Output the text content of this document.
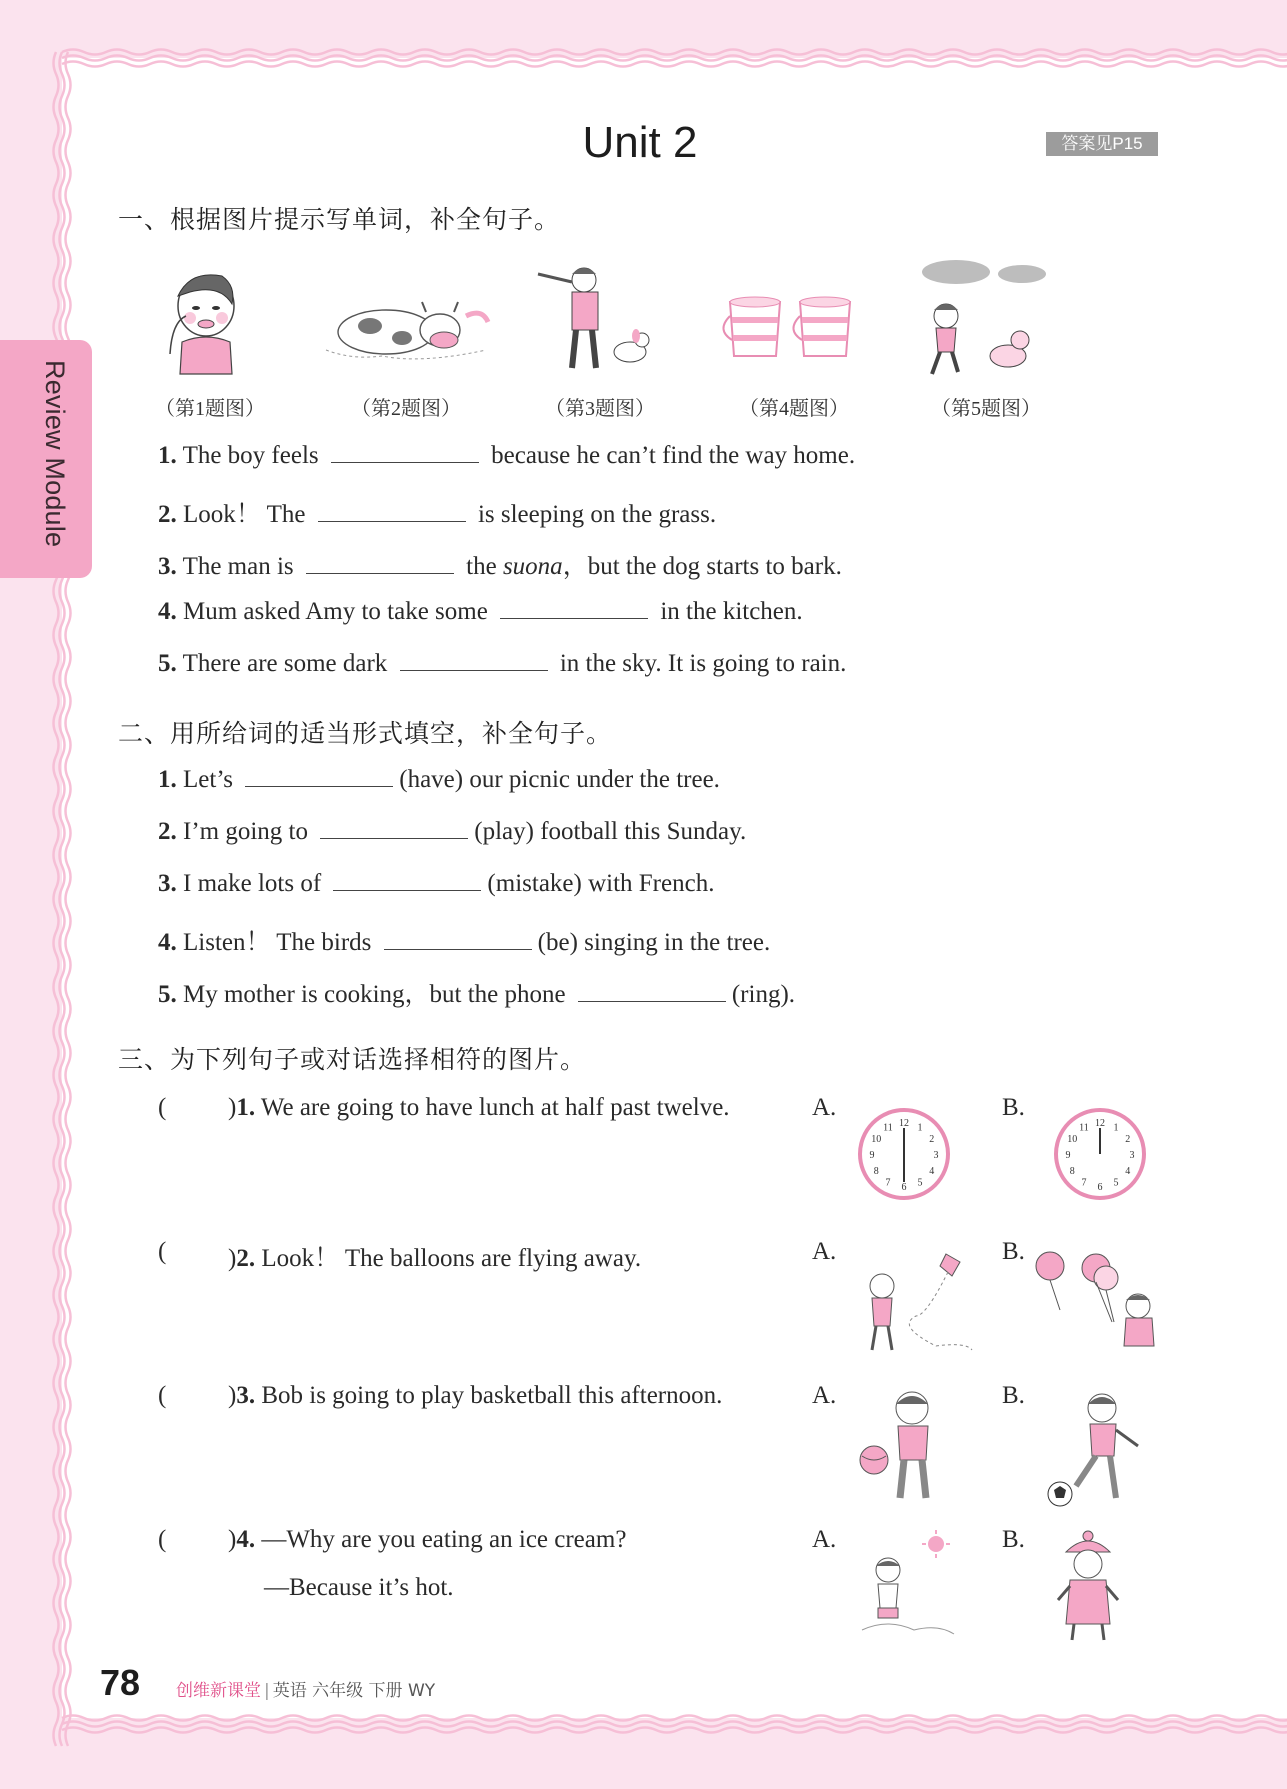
Review Module
Unit 2	答案见P15
一、根据图片提示写单词，补全句子。
（第1题图）	（第2题图）	（第3题图）	（第4题图）	（第5题图）
1. The boy feels	because he can’t find the way home.
2. Look！ The	is sleeping on the grass.
3. The man is	the suona，but the dog starts to bark.
4. Mum asked Amy to take some	in the kitchen.
5. There are some dark	in the sky. It is going to rain.
二、用所给词的适当形式填空，补全句子。
1. Let’s	(have) our picnic under the tree.
2. I’m going to	(play) football this Sunday.
3. I make lots of	(mistake) with French.
4. Listen！ The birds	(be) singing in the tree.
5. My mother is cooking，but the phone	(ring).
三、为下列句子或对话选择相符的图片。
( )1. We are going to have lunch at half past twelve.	A.	B.
12 1
2
3
4
5
6
7
8
9
10
11	12 1
2
3
4
5
6
7
8
9
10
11
( )2. Look！ The balloons are flying away.	A.	B.
( )3. Bob is going to play basketball this afternoon.	A.	B.
( )4. —Why are you eating an ice cream?
—Because it’s hot.
A.	B.
78 创维新课堂 | 英语 六年级 下册 WY
